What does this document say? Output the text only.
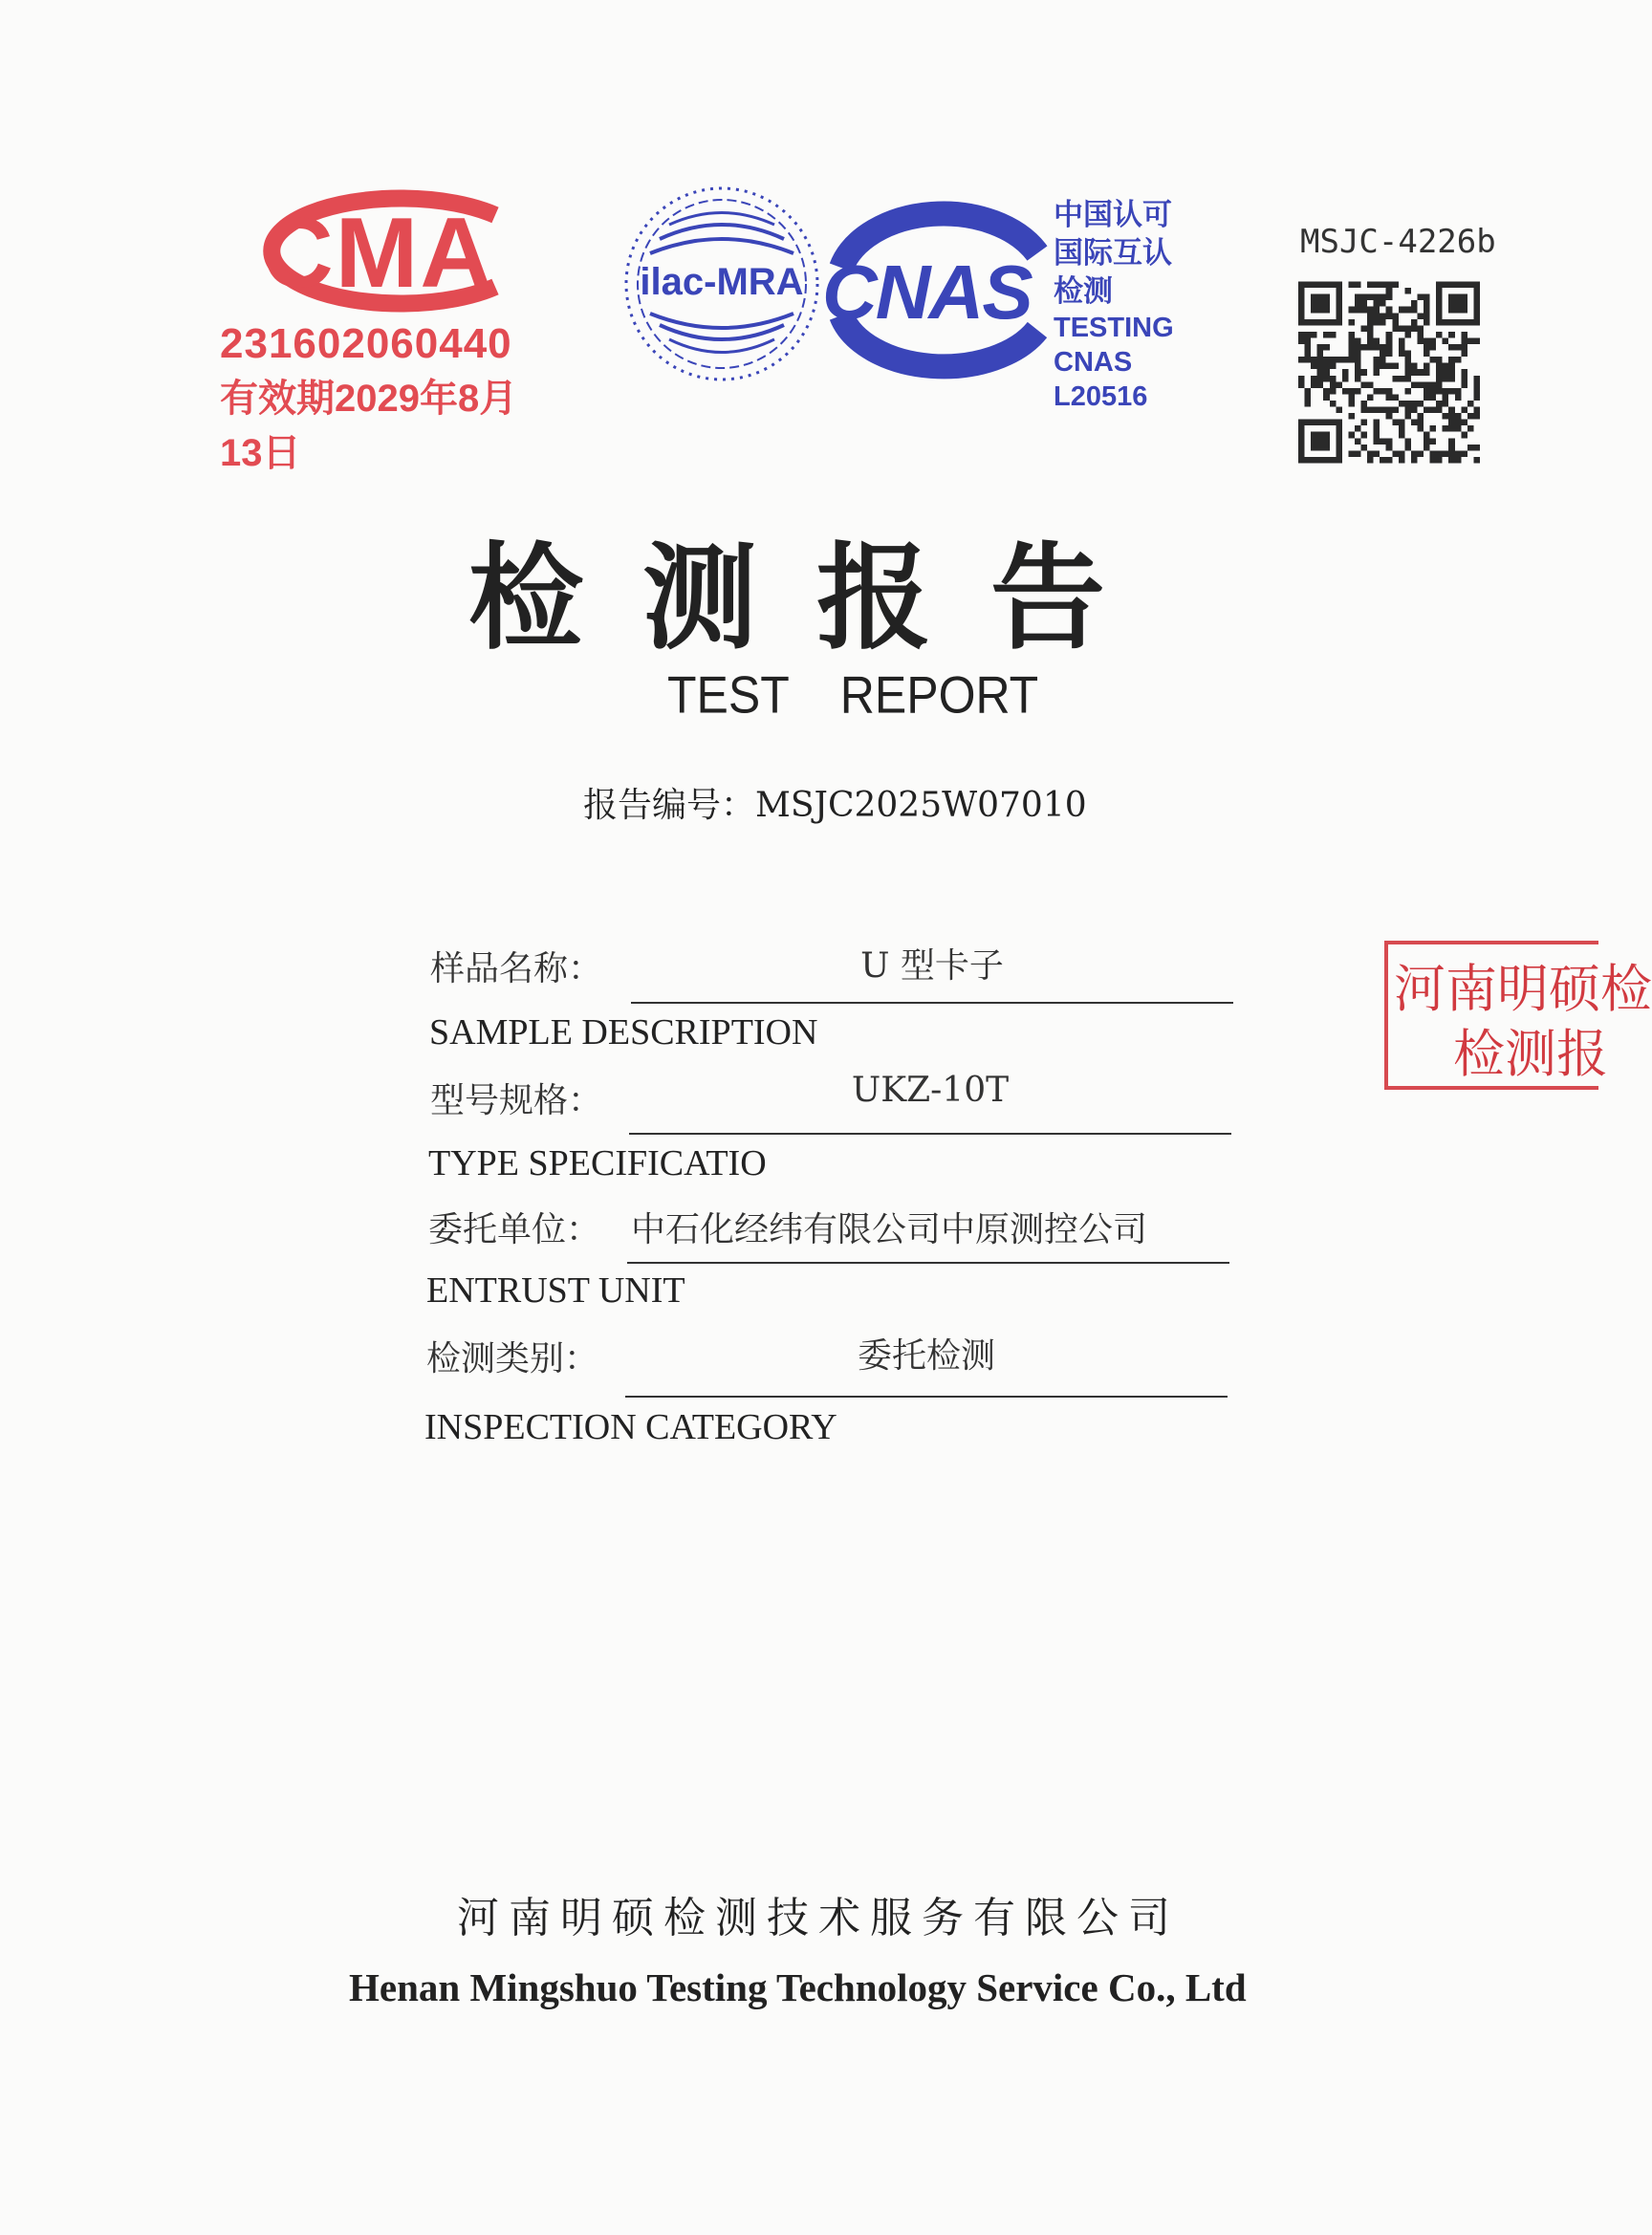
CMA
231602060440
有效期2029年8月13日
ilac-MRA CNAS
中国认可
国际互认
检测
TESTING
CNAS L20516
MSJC-4226b
检测报告
TEST REPORT
报告编号：MSJC2025W07010
样品名称：	U 型卡子
SAMPLE DESCRIPTION
型号规格：	UKZ-10T
TYPE SPECIFICATIO
委托单位： 中石化经纬有限公司中原测控公司
ENTRUST UNIT
检测类别：	委托检测
INSPECTION CATEGORY
河南明硕检
检测报
河南明硕检测技术服务有限公司
Henan Mingshuo Testing Technology Service Co., Ltd
